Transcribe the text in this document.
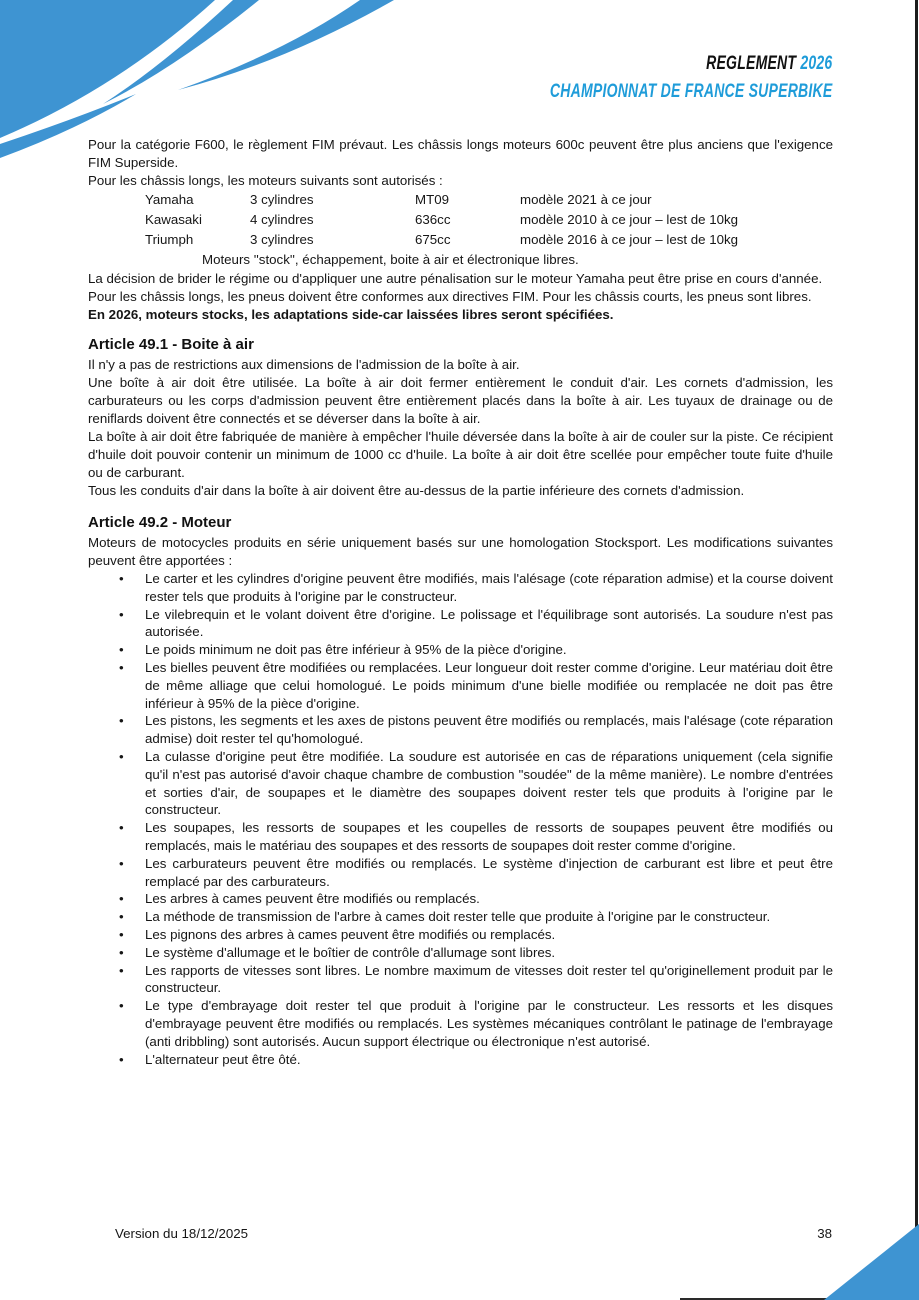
REGLEMENT 2026
CHAMPIONNAT DE FRANCE SUPERBIKE

Pour la catégorie F600, le règlement FIM prévaut. Les châssis longs moteurs 600c peuvent être plus anciens que l'exigence FIM Superside.

Pour les châssis longs, les moteurs suivants sont autorisés :

Yamaha	3 cylindres	MT09	modèle 2021 à ce jour
Kawasaki	4 cylindres	636cc	modèle 2010 à ce jour – lest de 10kg
Triumph	3 cylindres	675cc	modèle 2016 à ce jour – lest de 10kg
Moteurs ''stock'', échappement, boite à air et électronique libres.

La décision de brider le régime ou d'appliquer une autre pénalisation sur le moteur Yamaha peut être prise en cours d'année.

Pour les châssis longs, les pneus doivent être conformes aux directives FIM. Pour les châssis courts, les pneus sont libres.

En 2026, moteurs stocks, les adaptations side-car laissées libres seront spécifiées.

Article 49.1 - Boite à air

Il n'y a pas de restrictions aux dimensions de l'admission de la boîte à air.

Une boîte à air doit être utilisée. La boîte à air doit fermer entièrement le conduit d'air. Les cornets d'admission, les carburateurs ou les corps d'admission peuvent être entièrement placés dans la boîte à air. Les tuyaux de drainage ou de reniflards doivent être connectés et se déverser dans la boîte à air.

La boîte à air doit être fabriquée de manière à empêcher l'huile déversée dans la boîte à air de couler sur la piste. Ce récipient d'huile doit pouvoir contenir un minimum de 1000 cc d'huile. La boîte à air doit être scellée pour empêcher toute fuite d'huile ou de carburant.

Tous les conduits d'air dans la boîte à air doivent être au-dessus de la partie inférieure des cornets d'admission.

Article 49.2 - Moteur

Moteurs de motocycles produits en série uniquement basés sur une homologation Stocksport. Les modifications suivantes peuvent être apportées :

• Le carter et les cylindres d'origine peuvent être modifiés, mais l'alésage (cote réparation admise) et la course doivent rester tels que produits à l'origine par le constructeur.
• Le vilebrequin et le volant doivent être d'origine. Le polissage et l'équilibrage sont autorisés. La soudure n'est pas autorisée.
• Le poids minimum ne doit pas être inférieur à 95% de la pièce d'origine.
• Les bielles peuvent être modifiées ou remplacées. Leur longueur doit rester comme d'origine. Leur matériau doit être de même alliage que celui homologué. Le poids minimum d'une bielle modifiée ou remplacée ne doit pas être inférieur à 95% de la pièce d'origine.
• Les pistons, les segments et les axes de pistons peuvent être modifiés ou remplacés, mais l'alésage (cote réparation admise) doit rester tel qu'homologué.
• La culasse d'origine peut être modifiée. La soudure est autorisée en cas de réparations uniquement (cela signifie qu'il n'est pas autorisé d'avoir chaque chambre de combustion "soudée" de la même manière). Le nombre d'entrées et sorties d'air, de soupapes et le diamètre des soupapes doivent rester tels que produits à l'origine par le constructeur.
• Les soupapes, les ressorts de soupapes et les coupelles de ressorts de soupapes peuvent être modifiés ou remplacés, mais le matériau des soupapes et des ressorts de soupapes doit rester comme d'origine.
• Les carburateurs peuvent être modifiés ou remplacés. Le système d'injection de carburant est libre et peut être remplacé par des carburateurs.
• Les arbres à cames peuvent être modifiés ou remplacés.
• La méthode de transmission de l'arbre à cames doit rester telle que produite à l'origine par le constructeur.
• Les pignons des arbres à cames peuvent être modifiés ou remplacés.
• Le système d'allumage et le boîtier de contrôle d'allumage sont libres.
• Les rapports de vitesses sont libres. Le nombre maximum de vitesses doit rester tel qu'originellement produit par le constructeur.
• Le type d'embrayage doit rester tel que produit à l'origine par le constructeur. Les ressorts et les disques d'embrayage peuvent être modifiés ou remplacés. Les systèmes mécaniques contrôlant le patinage de l'embrayage (anti dribbling) sont autorisés. Aucun support électrique ou électronique n'est autorisé.
• L'alternateur peut être ôté.
Version du 18/12/2025	38
